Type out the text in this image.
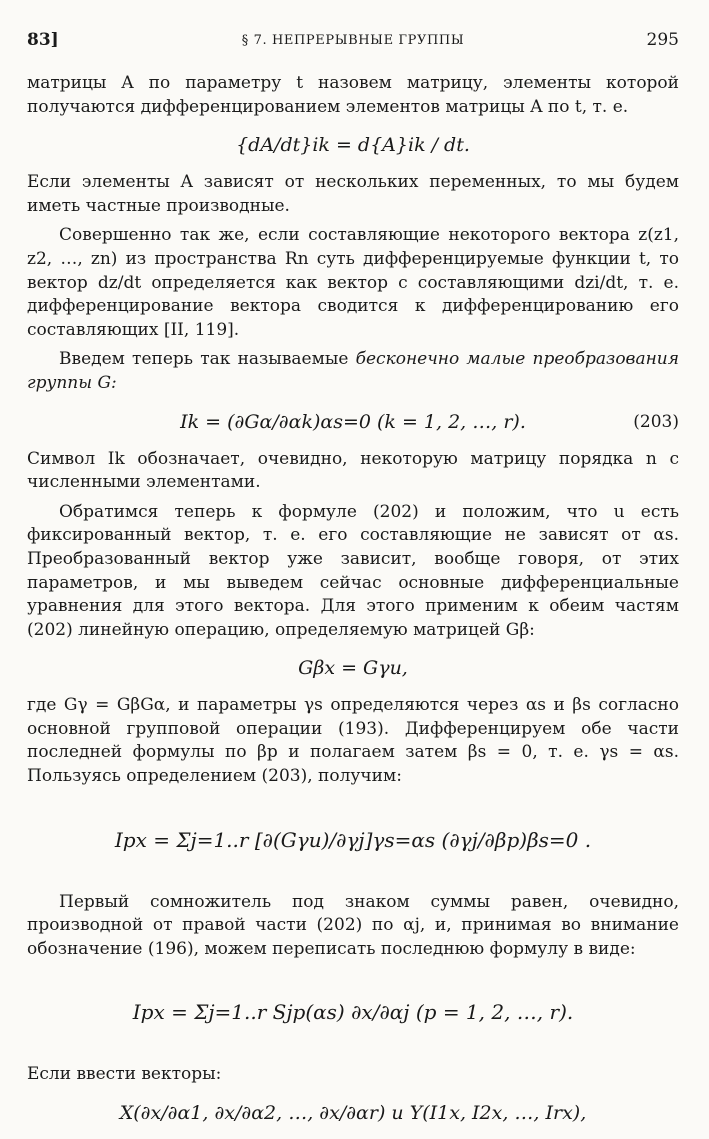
83]	§ 7. НЕПРЕРЫВНЫЕ ГРУППЫ	295

матрицы A по параметру t назовем матрицу, элементы которой получаются дифференцированием элементов матрицы A по t, т. е.

{dA/dt}ik = d{A}ik / dt.

Если элементы A зависят от нескольких переменных, то мы будем иметь частные производные.

Совершенно так же, если составляющие некоторого вектора z(z1, z2, …, zn) из пространства Rn суть дифференцируемые функции t, то вектор dz/dt определяется как вектор с составляющими dzi/dt, т. е. дифференцирование вектора сводится к дифференцированию его составляющих [II, 119].

Введем теперь так называемые бесконечно малые преобразования группы G:

Ik = (∂Gα/∂αk)αs=0 (k = 1, 2, …, r).	(203)

Символ Ik обозначает, очевидно, некоторую матрицу порядка n с численными элементами.

Обратимся теперь к формуле (202) и положим, что u есть фиксированный вектор, т. е. его составляющие не зависят от αs. Преобразованный вектор уже зависит, вообще говоря, от этих параметров, и мы выведем сейчас основные дифференциальные уравнения для этого вектора. Для этого применим к обеим частям (202) линейную операцию, определяемую матрицей Gβ:

Gβx = Gγu,

где Gγ = GβGα, и параметры γs определяются через αs и βs согласно основной групповой операции (193). Дифференцируем обе части последней формулы по βp и полагаем затем βs = 0, т. е. γs = αs. Пользуясь определением (203), получим:

Ipx = Σj=1..r [∂(Gγu)/∂γj]γs=αs (∂γj/∂βp)βs=0 .

Первый сомножитель под знаком суммы равен, очевидно, производной от правой части (202) по αj, и, принимая во внимание обозначение (196), можем переписать последнюю формулу в виде:

Ipx = Σj=1..r Sjp(αs) ∂x/∂αj (p = 1, 2, …, r).

Если ввести векторы:

X(∂x/∂α1, ∂x/∂α2, …, ∂x/∂αr) и Y(I1x, I2x, …, Irx),
